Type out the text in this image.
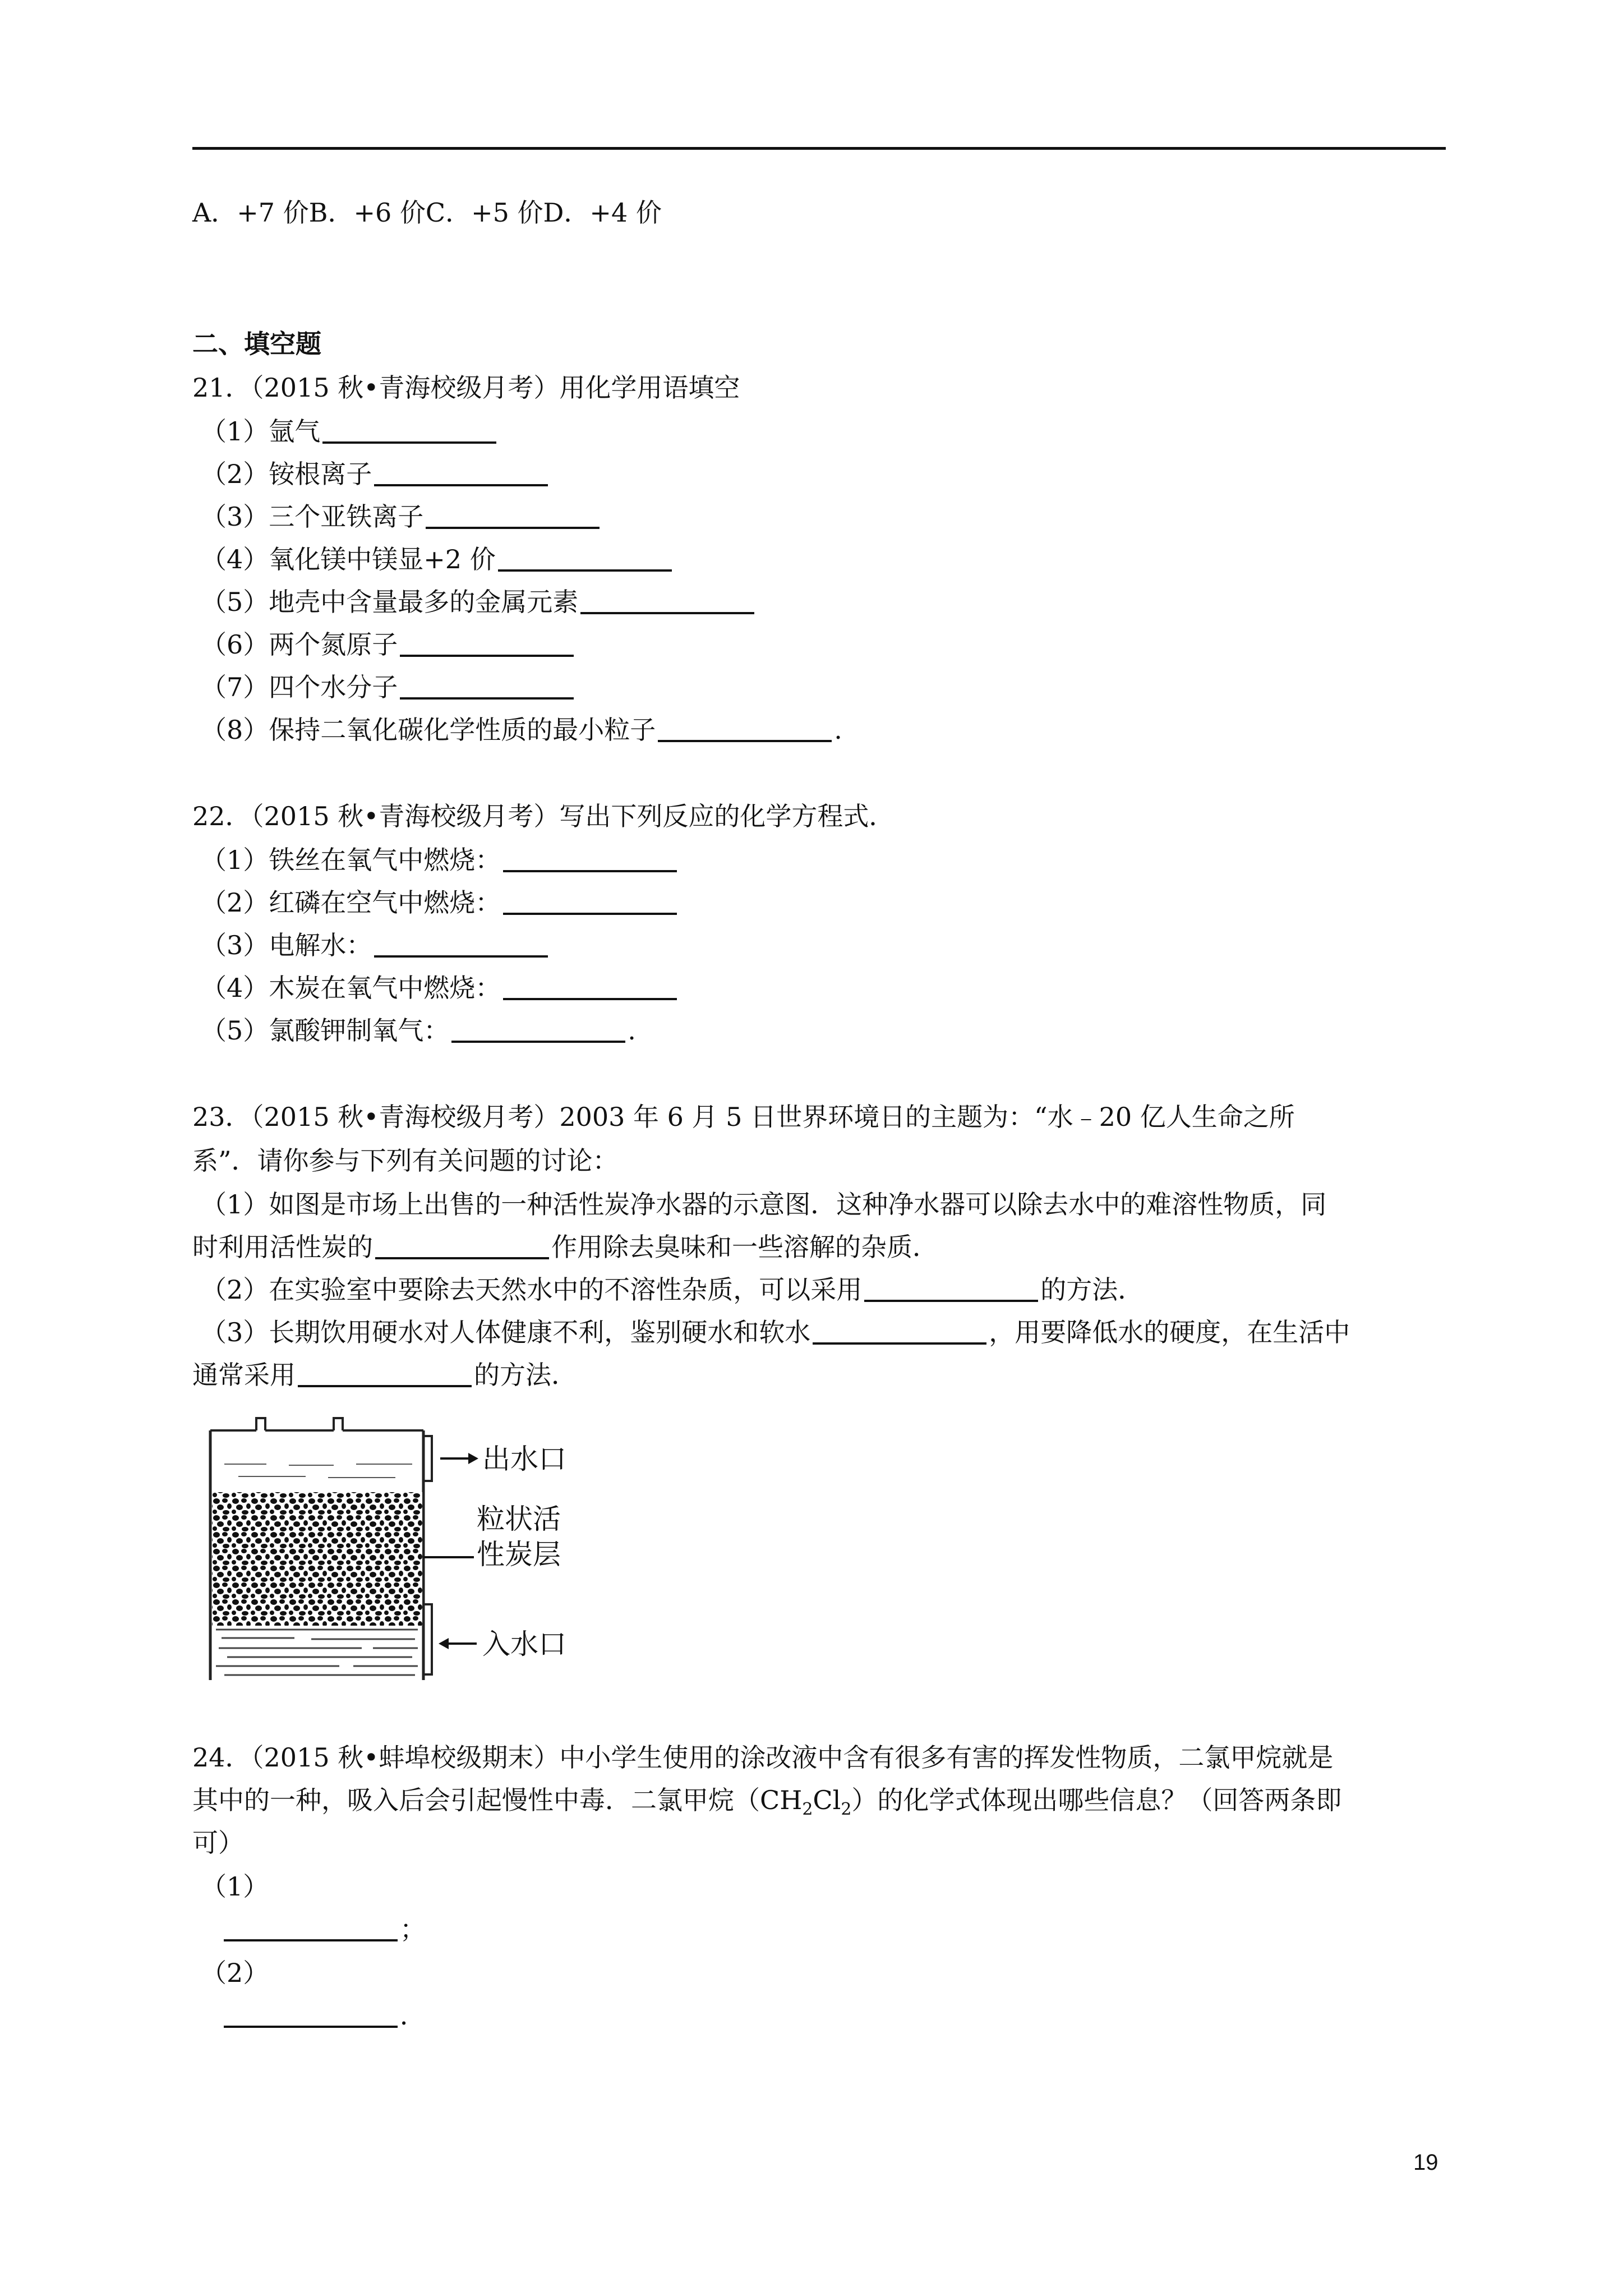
A．+7 价B．+6 价C．+5 价D．+4 价
二、填空题
21．（2015 秋•青海校级月考）用化学用语填空
（1）氩气
（2）铵根离子
（3）三个亚铁离子
（4）氧化镁中镁显+2 价
（5）地壳中含量最多的金属元素
（6）两个氮原子
（7）四个水分子
（8）保持二氧化碳化学性质的最小粒子	.
22．（2015 秋•青海校级月考）写出下列反应的化学方程式．
（1）铁丝在氧气中燃烧：
（2）红磷在空气中燃烧：
（3）电解水：
（4）木炭在氧气中燃烧：
（5）氯酸钾制氧气：	.
23．（2015 秋•青海校级月考）2003 年 6 月 5 日世界环境日的主题为：“水﹣20 亿人生命之所
系”．请你参与下列有关问题的讨论：
（1）如图是市场上出售的一种活性炭净水器的示意图．这种净水器可以除去水中的难溶性物质，同
时利用活性炭的	作用除去臭味和一些溶解的杂质．
（2）在实验室中要除去天然水中的不溶性杂质，可以采用	的方法．
（3）长期饮用硬水对人体健康不利，鉴别硬水和软水	，用要降低水的硬度，在生活中
通常采用	的方法．
出水口
粒状活
性炭层
入水口
24．（2015 秋•蚌埠校级期末）中小学生使用的涂改液中含有很多有害的挥发性物质，二氯甲烷就是
其中的一种，吸入后会引起慢性中毒．二氯甲烷$(CH_2Cl_2)$的化学式体现出哪些信息？（回答两条即
可）
（1）
；
（2）
．
19
